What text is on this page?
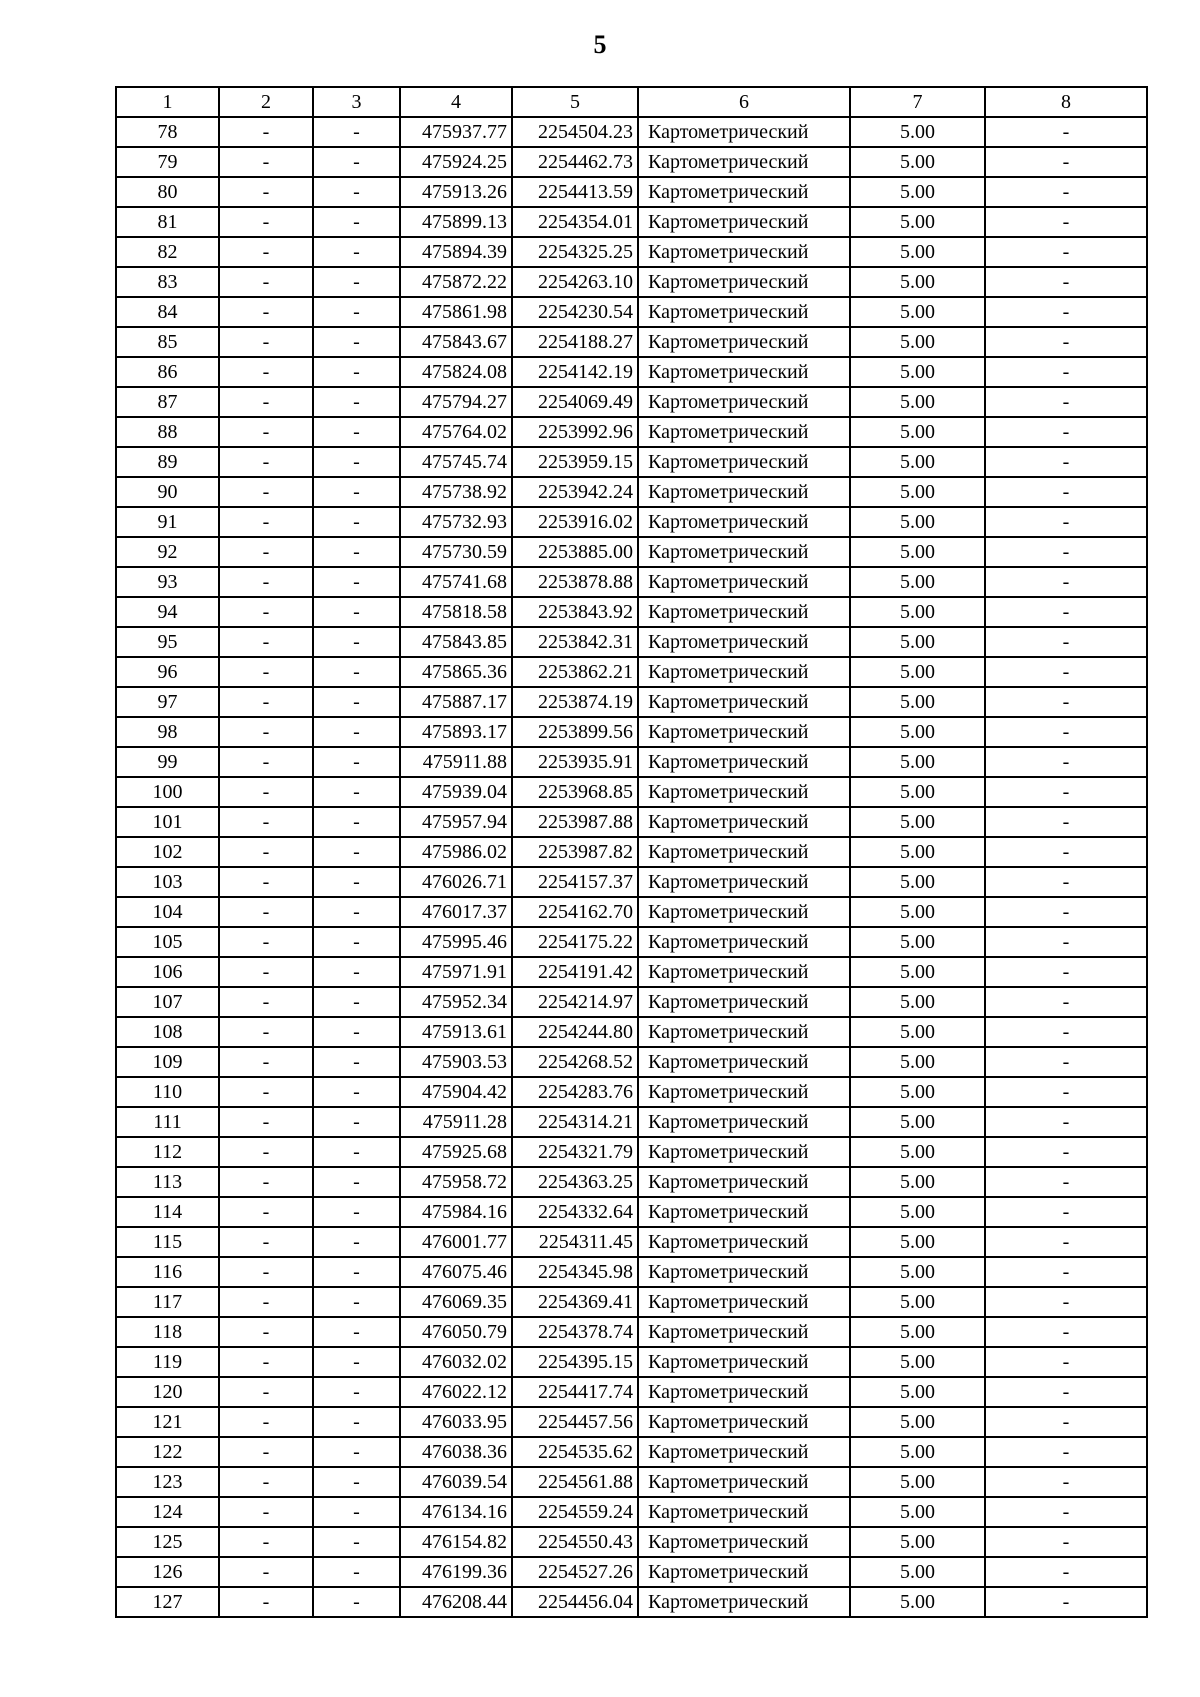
5
1	2	3	4	5	6	7	8
78	-	-	475937.77	2254504.23	Картометрический	5.00	-
79	-	-	475924.25	2254462.73	Картометрический	5.00	-
80	-	-	475913.26	2254413.59	Картометрический	5.00	-
81	-	-	475899.13	2254354.01	Картометрический	5.00	-
82	-	-	475894.39	2254325.25	Картометрический	5.00	-
83	-	-	475872.22	2254263.10	Картометрический	5.00	-
84	-	-	475861.98	2254230.54	Картометрический	5.00	-
85	-	-	475843.67	2254188.27	Картометрический	5.00	-
86	-	-	475824.08	2254142.19	Картометрический	5.00	-
87	-	-	475794.27	2254069.49	Картометрический	5.00	-
88	-	-	475764.02	2253992.96	Картометрический	5.00	-
89	-	-	475745.74	2253959.15	Картометрический	5.00	-
90	-	-	475738.92	2253942.24	Картометрический	5.00	-
91	-	-	475732.93	2253916.02	Картометрический	5.00	-
92	-	-	475730.59	2253885.00	Картометрический	5.00	-
93	-	-	475741.68	2253878.88	Картометрический	5.00	-
94	-	-	475818.58	2253843.92	Картометрический	5.00	-
95	-	-	475843.85	2253842.31	Картометрический	5.00	-
96	-	-	475865.36	2253862.21	Картометрический	5.00	-
97	-	-	475887.17	2253874.19	Картометрический	5.00	-
98	-	-	475893.17	2253899.56	Картометрический	5.00	-
99	-	-	475911.88	2253935.91	Картометрический	5.00	-
100	-	-	475939.04	2253968.85	Картометрический	5.00	-
101	-	-	475957.94	2253987.88	Картометрический	5.00	-
102	-	-	475986.02	2253987.82	Картометрический	5.00	-
103	-	-	476026.71	2254157.37	Картометрический	5.00	-
104	-	-	476017.37	2254162.70	Картометрический	5.00	-
105	-	-	475995.46	2254175.22	Картометрический	5.00	-
106	-	-	475971.91	2254191.42	Картометрический	5.00	-
107	-	-	475952.34	2254214.97	Картометрический	5.00	-
108	-	-	475913.61	2254244.80	Картометрический	5.00	-
109	-	-	475903.53	2254268.52	Картометрический	5.00	-
110	-	-	475904.42	2254283.76	Картометрический	5.00	-
111	-	-	475911.28	2254314.21	Картометрический	5.00	-
112	-	-	475925.68	2254321.79	Картометрический	5.00	-
113	-	-	475958.72	2254363.25	Картометрический	5.00	-
114	-	-	475984.16	2254332.64	Картометрический	5.00	-
115	-	-	476001.77	2254311.45	Картометрический	5.00	-
116	-	-	476075.46	2254345.98	Картометрический	5.00	-
117	-	-	476069.35	2254369.41	Картометрический	5.00	-
118	-	-	476050.79	2254378.74	Картометрический	5.00	-
119	-	-	476032.02	2254395.15	Картометрический	5.00	-
120	-	-	476022.12	2254417.74	Картометрический	5.00	-
121	-	-	476033.95	2254457.56	Картометрический	5.00	-
122	-	-	476038.36	2254535.62	Картометрический	5.00	-
123	-	-	476039.54	2254561.88	Картометрический	5.00	-
124	-	-	476134.16	2254559.24	Картометрический	5.00	-
125	-	-	476154.82	2254550.43	Картометрический	5.00	-
126	-	-	476199.36	2254527.26	Картометрический	5.00	-
127	-	-	476208.44	2254456.04	Картометрический	5.00	-
